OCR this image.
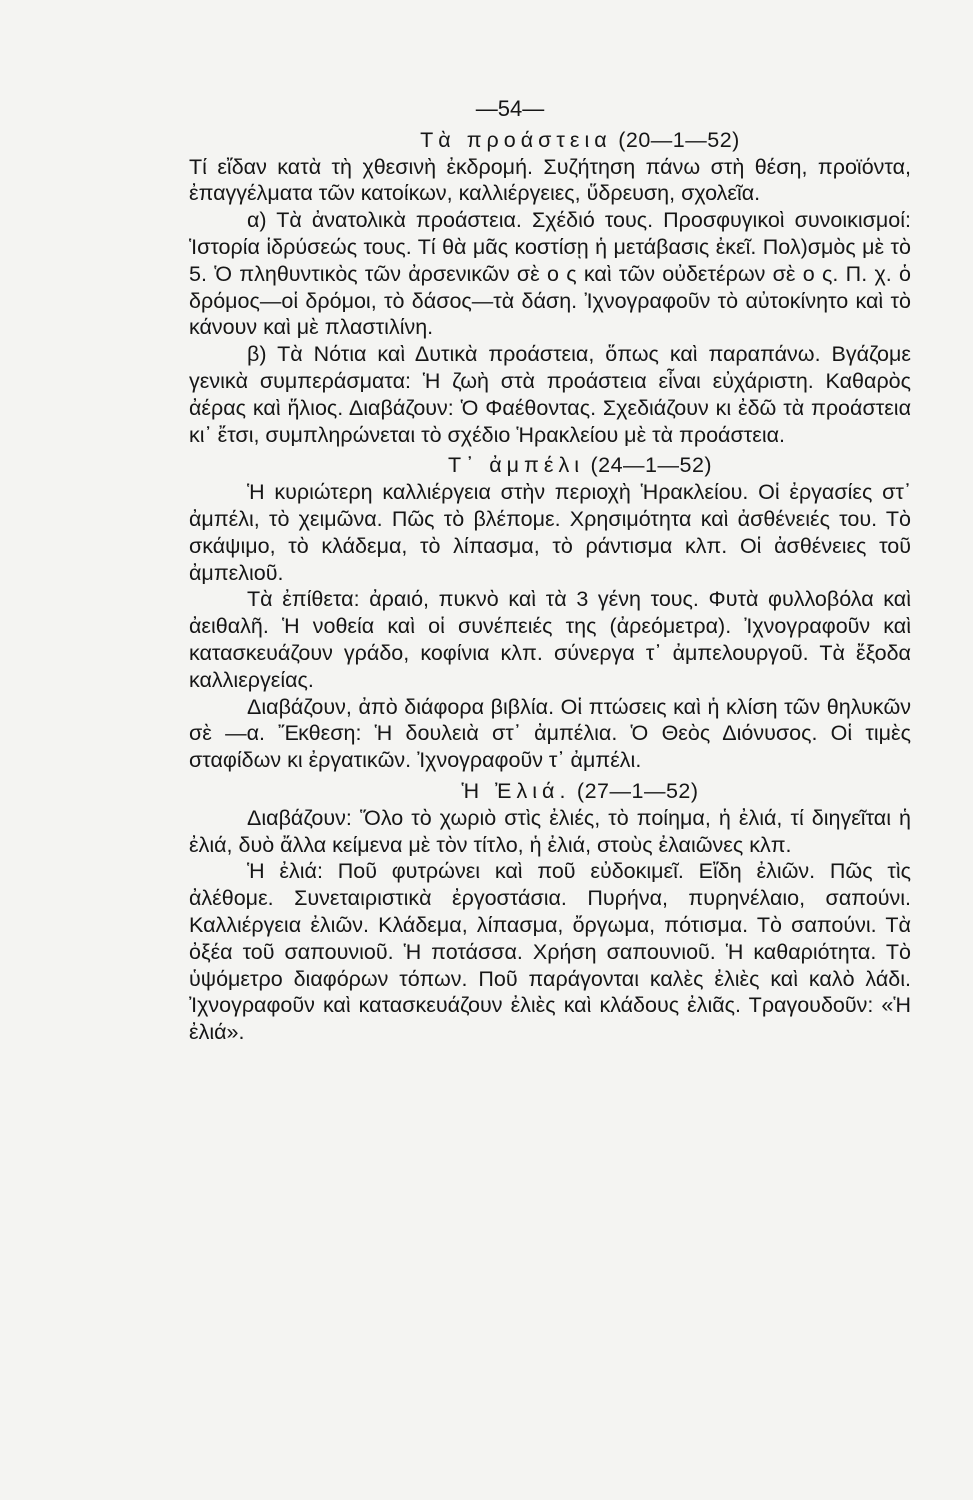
—54—
Τὰ προάστεια (20—1—52)

Τί εἴδαν κατὰ τὴ χθεσινὴ ἐκδρομή. Συζήτηση πάνω στὴ θέση, προϊόντα, ἐπαγγέλματα τῶν κατοίκων, καλλιέργειες, ὕδρευση, σχολεῖα.

α) Τὰ ἀνατολικὰ προάστεια. Σχέδιό τους. Προσφυγικοὶ συνοικισμοί: Ἱστορία ἱδρύσεώς τους. Τί θὰ μᾶς κοστίσῃ ἡ μετάβασις ἐκεῖ. Πολ)σμὸς μὲ τὸ 5. Ὁ πληθυντικὸς τῶν ἀρσενικῶν σὲ ο ς καὶ τῶν οὐδετέρων σὲ ο ς. Π. χ. ὁ δρόμος—οἱ δρόμοι, τὸ δάσος—τὰ δάση. Ἰχνογραφοῦν τὸ αὐτοκίνητο καὶ τὸ κάνουν καὶ μὲ πλαστιλίνη.

β) Τὰ Νότια καὶ Δυτικὰ προάστεια, ὅπως καὶ παραπάνω. Βγάζομε γενικὰ συμπεράσματα: Ἡ ζωὴ στὰ προάστεια εἶναι εὐχάριστη. Καθαρὸς ἀέρας καὶ ἥλιος. Διαβάζουν: Ὁ Φαέθοντας. Σχεδιάζουν κι ἐδῶ τὰ προάστεια κι᾿ ἔτσι, συμπληρώνεται τὸ σχέδιο Ἡρακλείου μὲ τὰ προάστεια.

Τ᾿ ἀμπέλι (24—1—52)

Ἡ κυριώτερη καλλιέργεια στὴν περιοχὴ Ἡρακλείου. Οἱ ἐργασίες στ᾿ ἀμπέλι, τὸ χειμῶνα. Πῶς τὸ βλέπομε. Χρησιμότητα καὶ ἀσθένειές του. Τὸ σκάψιμο, τὸ κλάδεμα, τὸ λίπασμα, τὸ ράντισμα κλπ. Οἱ ἀσθένειες τοῦ ἀμπελιοῦ.

Τὰ ἐπίθετα: ἀραιό, πυκνὸ καὶ τὰ 3 γένη τους. Φυτὰ φυλλοβόλα καὶ ἀειθαλῆ. Ἡ νοθεία καὶ οἱ συνέπειές της (ἀρεόμετρα). Ἰχνογραφοῦν καὶ κατασκευάζουν γράδο, κοφίνια κλπ. σύνεργα τ᾿ ἀμπελουργοῦ. Τὰ ἔξοδα καλλιεργείας.

Διαβάζουν, ἀπὸ διάφορα βιβλία. Οἱ πτώσεις καὶ ἡ κλίση τῶν θηλυκῶν σὲ —α. Ἔκθεση: Ἡ δουλειὰ στ᾿ ἀμπέλια. Ὁ Θεὸς Διόνυσος. Οἱ τιμὲς σταφίδων κι ἐργατικῶν. Ἰχνογραφοῦν τ᾿ ἀμπέλι.

Ἡ Ἐλιά. (27—1—52)

Διαβάζουν: Ὅλο τὸ χωριὸ στὶς ἐλιές, τὸ ποίημα, ἡ ἐλιά, τί διηγεῖται ἡ ἐλιά, δυὸ ἄλλα κείμενα μὲ τὸν τίτλο, ἡ ἐλιά, στοὺς ἐλαιῶνες κλπ.

Ἡ ἐλιά: Ποῦ φυτρώνει καὶ ποῦ εὐδοκιμεῖ. Εἴδη ἐλιῶν. Πῶς τὶς ἀλέθομε. Συνεταιριστικὰ ἐργοστάσια. Πυρήνα, πυρηνέλαιο, σαπούνι. Καλλιέργεια ἐλιῶν. Κλάδεμα, λίπασμα, ὄργωμα, πότισμα. Τὸ σαπούνι. Τὰ ὀξέα τοῦ σαπουνιοῦ. Ἡ ποτάσσα. Χρήση σαπουνιοῦ. Ἡ καθαριότητα. Τὸ ὑψόμετρο διαφόρων τόπων. Ποῦ παράγονται καλὲς ἐλιὲς καὶ καλὸ λάδι. Ἰχνογραφοῦν καὶ κατασκευάζουν ἐλιὲς καὶ κλάδους ἐλιᾶς. Τραγουδοῦν: «Ἡ ἐλιά».
